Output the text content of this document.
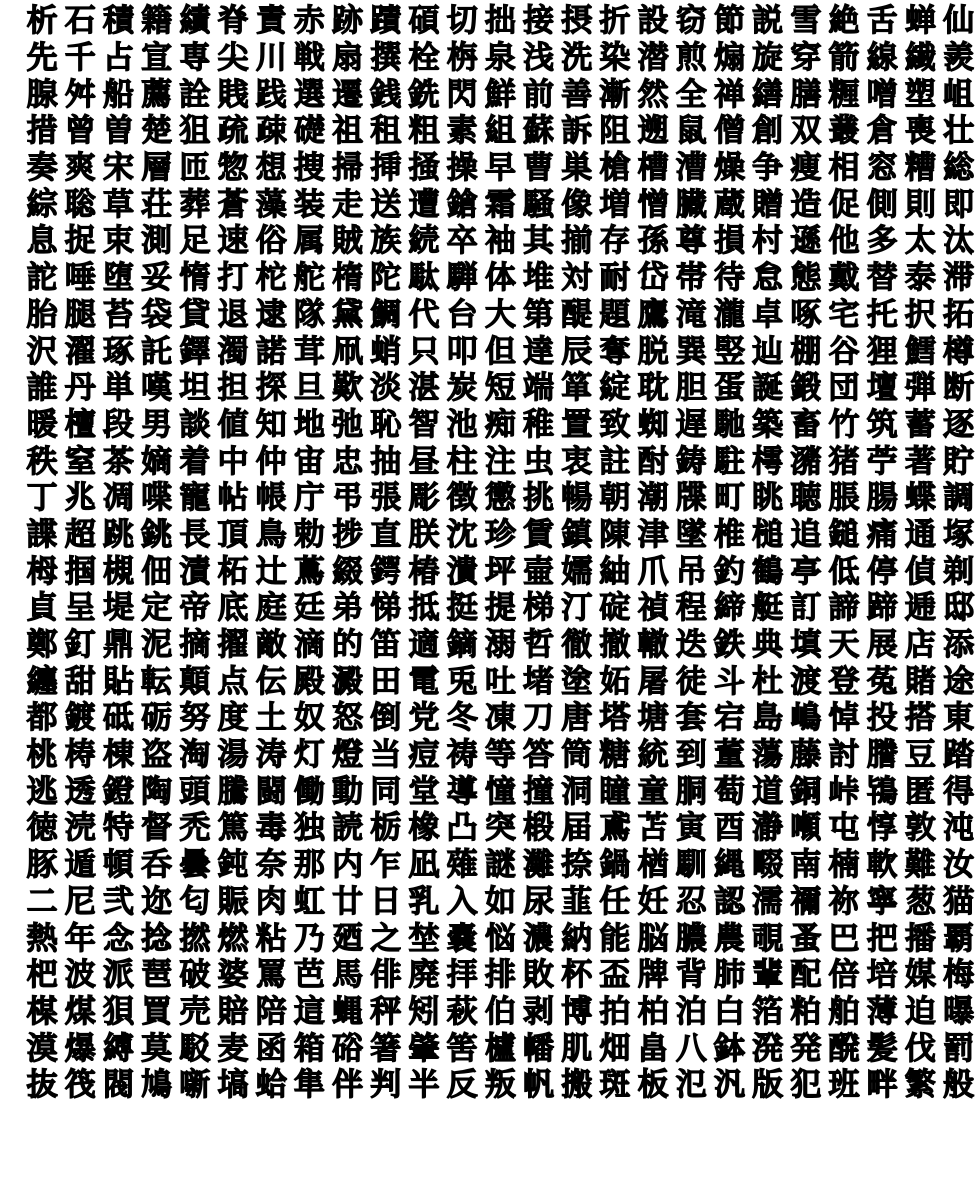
析 石 積 籍 績 脊 責 赤 跡 蹟 碩 切 拙 接 摂 折 設 窃 節 説 雪 絶 舌 蝉 仙
先 千 占 宣 専 尖 川 戦 扇 撰 栓 栴 泉 浅 洗 染 潜 煎 煽 旋 穿 箭 線 繊 羨
腺 舛 船 薦 詮 賎 践 選 遷 銭 銑 閃 鮮 前 善 漸 然 全 禅 繕 膳 糎 噌 塑 岨
措 曾 曽 楚 狙 疏 疎 礎 祖 租 粗 素 組 蘇 訴 阻 遡 鼠 僧 創 双 叢 倉 喪 壮
奏 爽 宋 層 匝 惣 想 捜 掃 挿 掻 操 早 曹 巣 槍 槽 漕 燥 争 痩 相 窓 糟 総
綜 聡 草 荘 葬 蒼 藻 装 走 送 遭 鎗 霜 騒 像 増 憎 臓 蔵 贈 造 促 側 則 即
息 捉 束 測 足 速 俗 属 賊 族 続 卒 袖 其 揃 存 孫 尊 損 村 遜 他 多 太 汰
詑 唾 堕 妥 惰 打 柁 舵 楕 陀 駄 騨 体 堆 対 耐 岱 帯 待 怠 態 戴 替 泰 滞
胎 腿 苔 袋 貸 退 逮 隊 黛 鯛 代 台 大 第 醍 題 鷹 滝 瀧 卓 啄 宅 托 択 拓
沢 濯 琢 託 鐸 濁 諾 茸 凧 蛸 只 叩 但 達 辰 奪 脱 巽 竪 辿 棚 谷 狸 鱈 樽
誰 丹 単 嘆 坦 担 探 旦 歎 淡 湛 炭 短 端 箪 綻 耽 胆 蛋 誕 鍛 団 壇 弾 断
暖 檀 段 男 談 値 知 地 弛 恥 智 池 痴 稚 置 致 蜘 遅 馳 築 畜 竹 筑 蓄 逐
秩 窒 茶 嫡 着 中 仲 宙 忠 抽 昼 柱 注 虫 衷 註 酎 鋳 駐 樗 瀦 猪 苧 著 貯
丁 兆 凋 喋 寵 帖 帳 庁 弔 張 彫 徴 懲 挑 暢 朝 潮 牒 町 眺 聴 脹 腸 蝶 調
諜 超 跳 銚 長 頂 鳥 勅 捗 直 朕 沈 珍 賃 鎮 陳 津 墜 椎 槌 追 鎚 痛 通 塚
栂 掴 槻 佃 漬 柘 辻 蔦 綴 鍔 椿 潰 坪 壷 嬬 紬 爪 吊 釣 鶴 亭 低 停 偵 剃
貞 呈 堤 定 帝 底 庭 廷 弟 悌 抵 挺 提 梯 汀 碇 禎 程 締 艇 訂 諦 蹄 逓 邸
鄭 釘 鼎 泥 摘 擢 敵 滴 的 笛 適 鏑 溺 哲 徹 撤 轍 迭 鉄 典 填 天 展 店 添
纏 甜 貼 転 顛 点 伝 殿 澱 田 電 兎 吐 堵 塗 妬 屠 徒 斗 杜 渡 登 菟 賭 途
都 鍍 砥 砺 努 度 土 奴 怒 倒 党 冬 凍 刀 唐 塔 塘 套 宕 島 嶋 悼 投 搭 東
桃 梼 棟 盗 淘 湯 涛 灯 燈 当 痘 祷 等 答 筒 糖 統 到 董 蕩 藤 討 謄 豆 踏
逃 透 鐙 陶 頭 騰 闘 働 動 同 堂 導 憧 撞 洞 瞳 童 胴 萄 道 銅 峠 鴇 匿 得
徳 涜 特 督 禿 篤 毒 独 読 栃 橡 凸 突 椴 届 鳶 苫 寅 酉 瀞 噸 屯 惇 敦 沌
豚 遁 頓 呑 曇 鈍 奈 那 内 乍 凪 薙 謎 灘 捺 鍋 楢 馴 縄 畷 南 楠 軟 難 汝
二 尼 弐 迩 匂 賑 肉 虹 廿 日 乳 入 如 尿 韮 任 妊 忍 認 濡 禰 祢 寧 葱 猫
熱 年 念 捻 撚 燃 粘 乃 廼 之 埜 嚢 悩 濃 納 能 脳 膿 農 覗 蚤 巴 把 播 覇
杷 波 派 琶 破 婆 罵 芭 馬 俳 廃 拝 排 敗 杯 盃 牌 背 肺 輩 配 倍 培 媒 梅
楳 煤 狽 買 売 賠 陪 這 蝿 秤 矧 萩 伯 剥 博 拍 柏 泊 白 箔 粕 舶 薄 迫 曝
漠 爆 縛 莫 駁 麦 函 箱 硲 箸 肇 筈 櫨 幡 肌 畑 畠 八 鉢 溌 発 醗 髪 伐 罰
抜 筏 閥 鳩 噺 塙 蛤 隼 伴 判 半 反 叛 帆 搬 斑 板 氾 汎 版 犯 班 畔 繁 般
